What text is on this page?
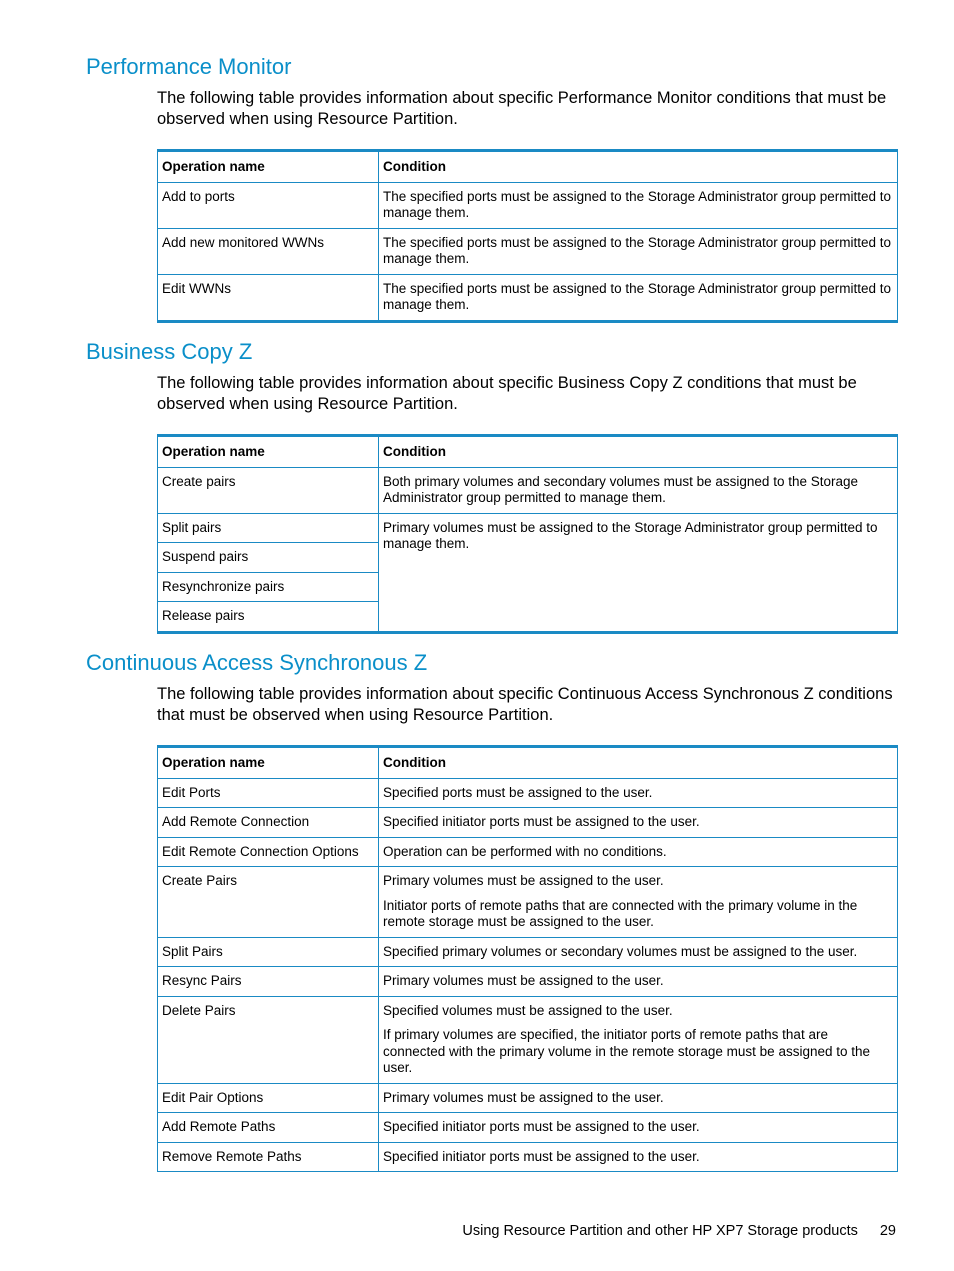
Performance Monitor

The following table provides information about specific Performance Monitor conditions that must be observed when using Resource Partition.

Operation name	Condition
Add to ports	The specified ports must be assigned to the Storage Administrator group permitted to manage them.
Add new monitored WWNs	The specified ports must be assigned to the Storage Administrator group permitted to manage them.
Edit WWNs	The specified ports must be assigned to the Storage Administrator group permitted to manage them.
Business Copy Z

The following table provides information about specific Business Copy Z conditions that must be observed when using Resource Partition.

Operation name	Condition
Create pairs	Both primary volumes and secondary volumes must be assigned to the Storage Administrator group permitted to manage them.
Split pairs	Primary volumes must be assigned to the Storage Administrator group permitted to manage them.
Suspend pairs	
Resynchronize pairs	
Release pairs	
Continuous Access Synchronous Z

The following table provides information about specific Continuous Access Synchronous Z conditions that must be observed when using Resource Partition.

Operation name	Condition
Edit Ports	Specified ports must be assigned to the user.
Add Remote Connection	Specified initiator ports must be assigned to the user.
Edit Remote Connection Options	Operation can be performed with no conditions.
Create Pairs	Primary volumes must be assigned to the user.

Initiator ports of remote paths that are connected with the primary volume in the remote storage must be assigned to the user.

Split Pairs	Specified primary volumes or secondary volumes must be assigned to the user.
Resync Pairs	Primary volumes must be assigned to the user.
Delete Pairs	Specified volumes must be assigned to the user.

If primary volumes are specified, the initiator ports of remote paths that are connected with the primary volume in the remote storage must be assigned to the user.

Edit Pair Options	Primary volumes must be assigned to the user.
Add Remote Paths	Specified initiator ports must be assigned to the user.
Remove Remote Paths	Specified initiator ports must be assigned to the user.
Using Resource Partition and other HP XP7 Storage products 29
